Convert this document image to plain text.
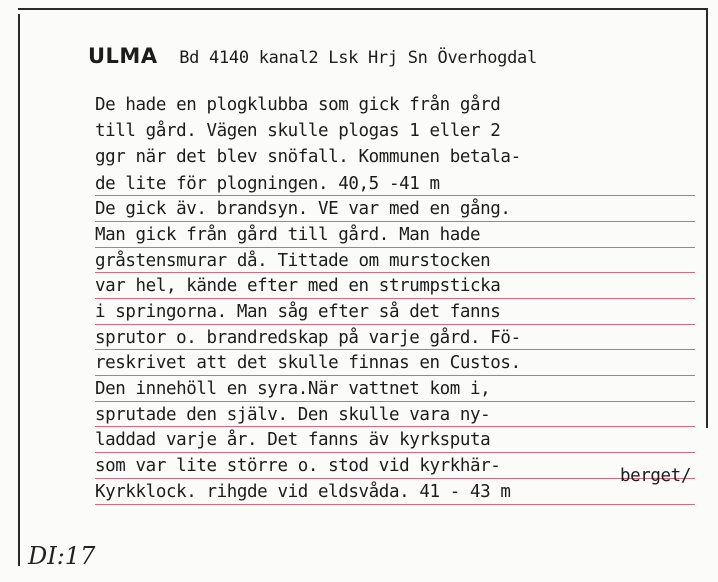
ULMA Bd 4140 kanal2 Lsk Hrj Sn Överhogdal
De hade en plogklubba som gick från gård
till gård. Vägen skulle plogas 1 eller 2
ggr när det blev snöfall. Kommunen betala-
de lite för plogningen. 40,5 -41 m
De gick äv. brandsyn. VE var med en gång.
Man gick från gård till gård. Man hade
gråstensmurar då. Tittade om murstocken
var hel, kände efter med en strumpsticka
i springorna. Man såg efter så det fanns
sprutor o. brandredskap på varje gård. Fö-
reskrivet att det skulle finnas en Custos.
Den innehöll en syra.När vattnet kom i,
sprutade den själv. Den skulle vara ny-
laddad varje år. Det fanns äv kyrksputa
som var lite större o. stod vid kyrkhär-
Kyrkklock. rihgde vid eldsvåda. 41 - 43 m
berget/
DI:17
